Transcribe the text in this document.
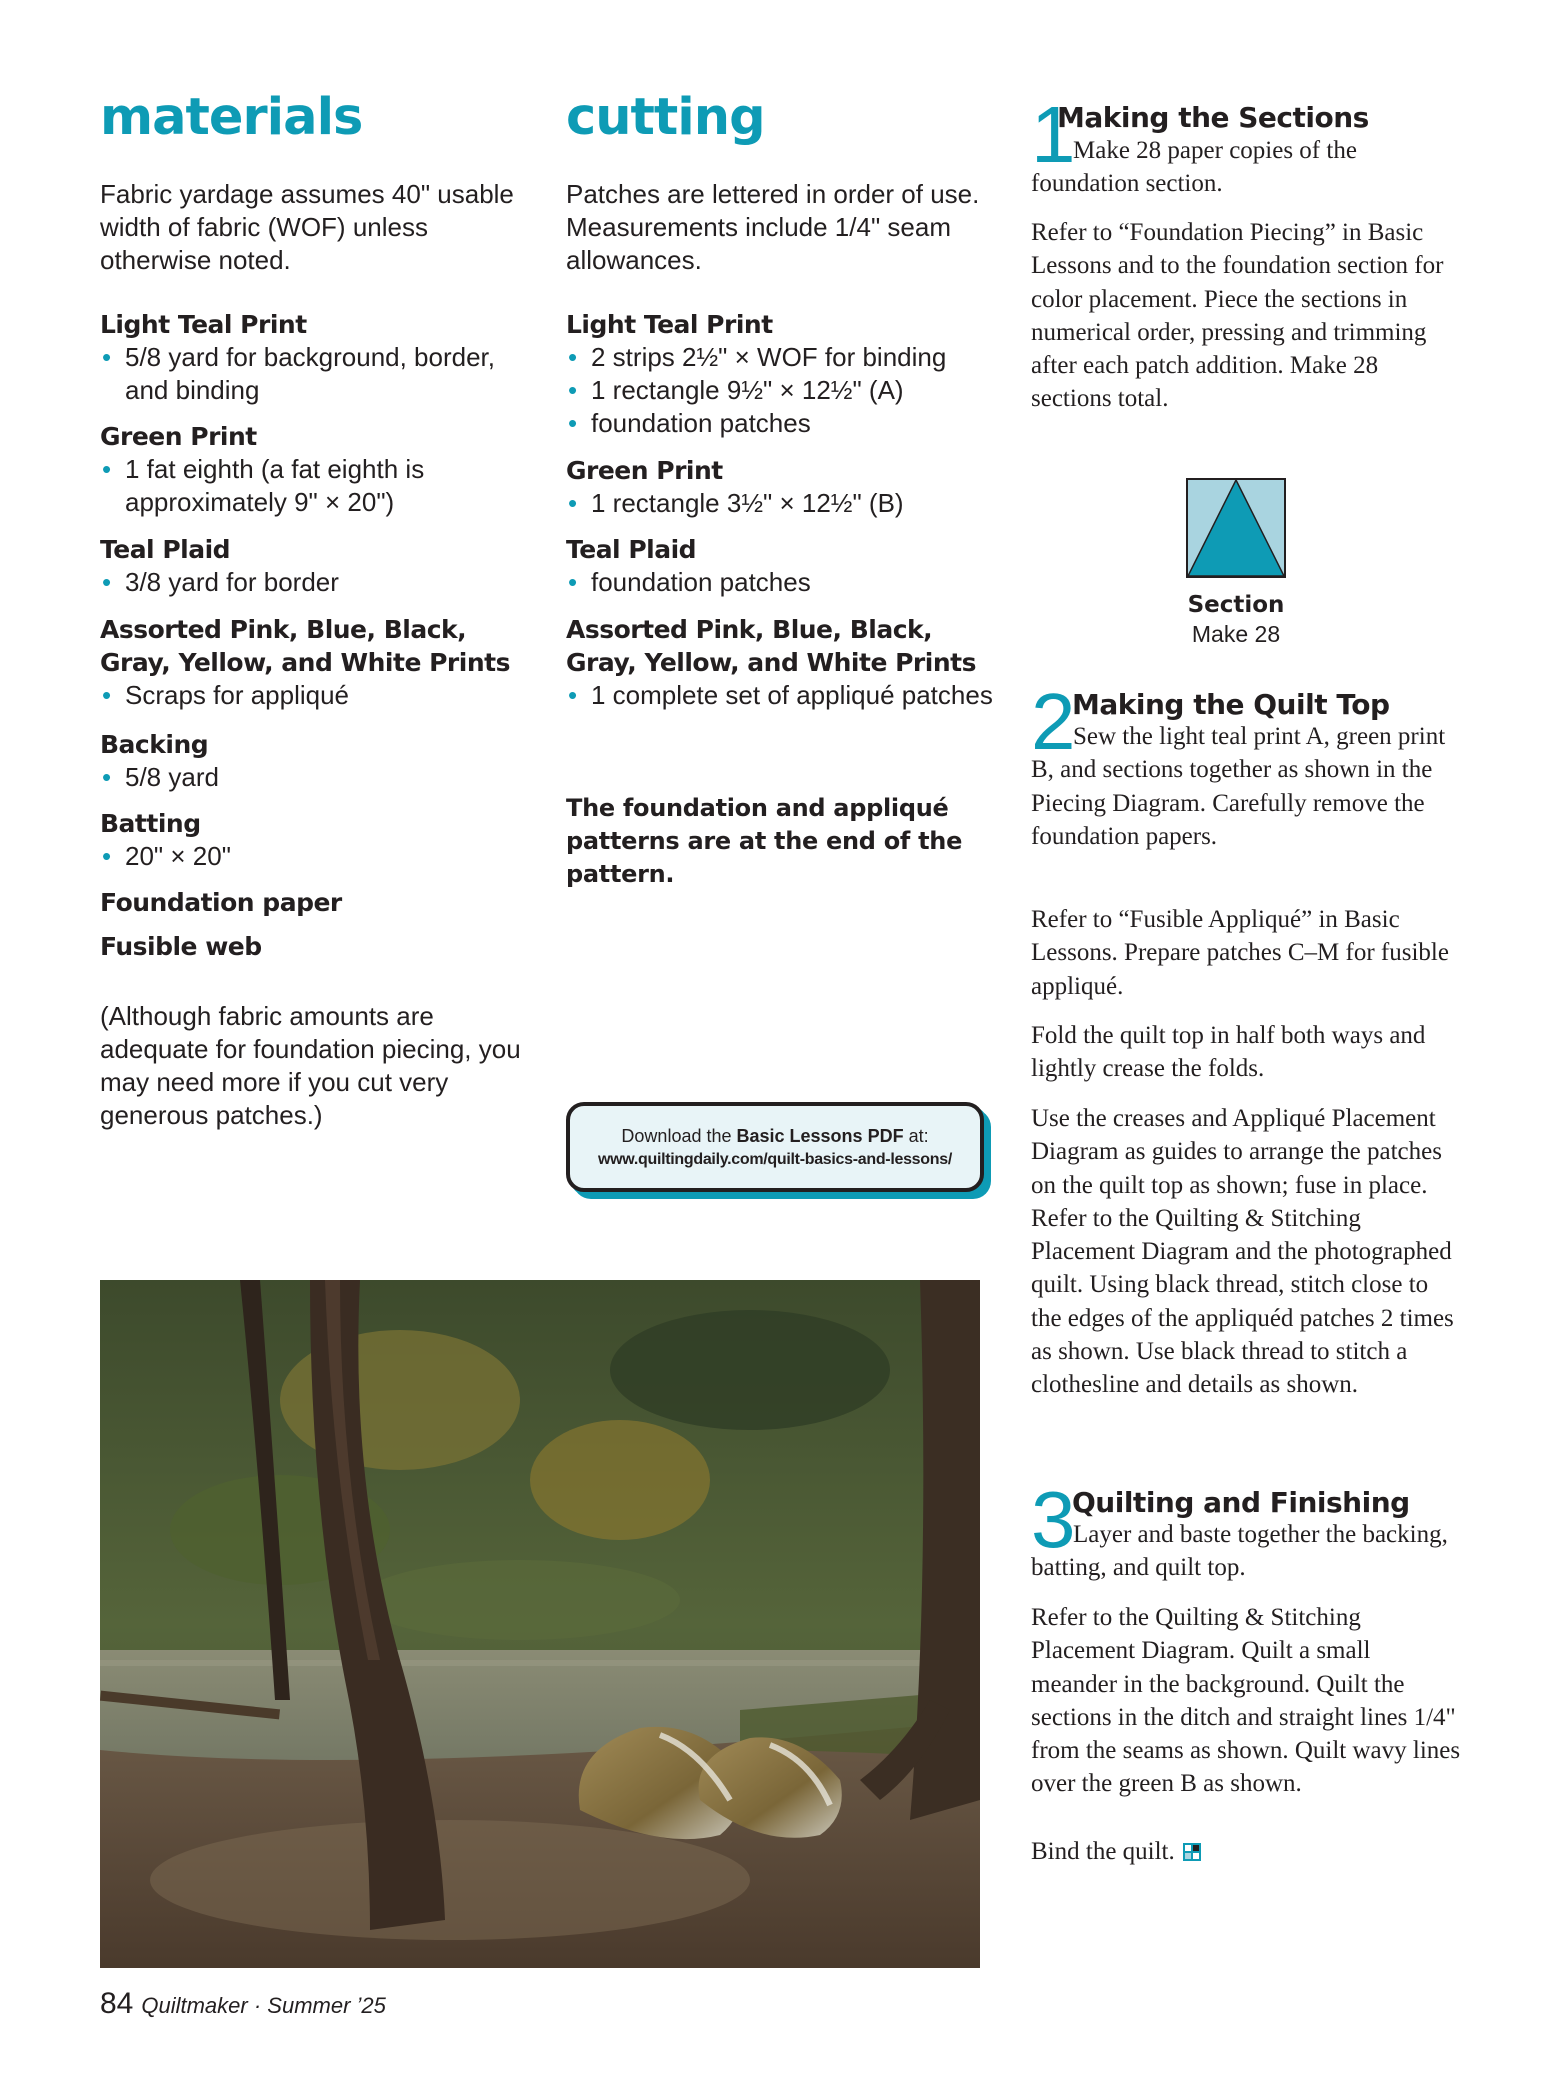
materials

Fabric yardage assumes 40" usable width of fabric (WOF) unless otherwise noted.

Light Teal Print
• 5/8 yard for background, border, and binding
Green Print
• 1 fat eighth (a fat eighth is approximately 9" × 20")
Teal Plaid
• 3/8 yard for border
Assorted Pink, Blue, Black, Gray, Yellow, and White Prints
• Scraps for appliqué
Backing
• 5/8 yard
Batting
• 20" × 20"
Foundation paper
Fusible web

(Although fabric amounts are adequate for foundation piecing, you may need more if you cut very generous patches.)

cutting

Patches are lettered in order of use. Measurements include 1/4" seam allowances.

Light Teal Print
• 2 strips 2½" × WOF for binding
• 1 rectangle 9½" × 12½" (A)
• foundation patches
Green Print
• 1 rectangle 3½" × 12½" (B)
Teal Plaid
• foundation patches
Assorted Pink, Blue, Black, Gray, Yellow, and White Prints
• 1 complete set of appliqué patches

The foundation and appliqué patterns are at the end of the pattern.

Download the Basic Lessons PDF at:
www.quiltingdaily.com/quilt-basics-and-lessons/
1
Making the Sections

Make 28 paper copies of the foundation section.

Refer to “Foundation Piecing” in Basic Lessons and to the foundation section for color placement. Piece the sections in numerical order, pressing and trimming after each patch addition. Make 28 sections total.

Section
Make 28
2
Making the Quilt Top

Sew the light teal print A, green print B, and sections together as shown in the Piecing Diagram. Carefully remove the foundation papers.

Refer to “Fusible Appliqué” in Basic Lessons. Prepare patches C–M for fusible appliqué.

Fold the quilt top in half both ways and lightly crease the folds.

Use the creases and Appliqué Placement Diagram as guides to arrange the patches on the quilt top as shown; fuse in place. Refer to the Quilting & Stitching Placement Diagram and the photographed quilt. Using black thread, stitch close to the edges of the appliquéd patches 2 times as shown. Use black thread to stitch a clothesline and details as shown.

3
Quilting and Finishing

Layer and baste together the backing, batting, and quilt top.

Refer to the Quilting & Stitching Placement Diagram. Quilt a small meander in the background. Quilt the sections in the ditch and straight lines 1/4" from the seams as shown. Quilt wavy lines over the green B as shown.

Bind the quilt.

84 Quiltmaker · Summer ’25
